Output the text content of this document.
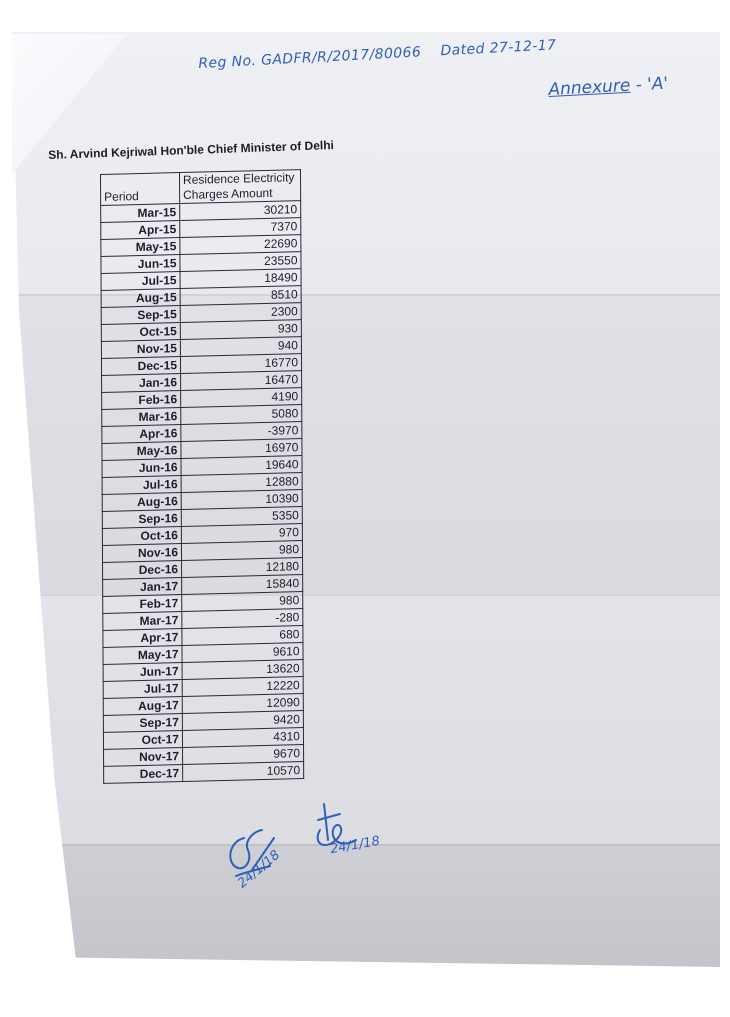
Reg No. GADFR/R/2017/80066 Dated 27-12-17
Annexure - 'A'
Sh. Arvind Kejriwal Hon'ble Chief Minister of Delhi
Period	Residence Electricity
Charges Amount

Mar-15	30210
Apr-15	7370
May-15	22690
Jun-15	23550
Jul-15	18490
Aug-15	8510
Sep-15	2300
Oct-15	930
Nov-15	940
Dec-15	16770
Jan-16	16470
Feb-16	4190
Mar-16	5080
Apr-16	-3970
May-16	16970
Jun-16	19640
Jul-16	12880
Aug-16	10390
Sep-16	5350
Oct-16	970
Nov-16	980
Dec-16	12180
Jan-17	15840
Feb-17	980
Mar-17	-280
Apr-17	680
May-17	9610
Jun-17	13620
Jul-17	12220
Aug-17	12090
Sep-17	9420
Oct-17	4310
Nov-17	9670
Dec-17	10570
24/1/18
24/1/18
